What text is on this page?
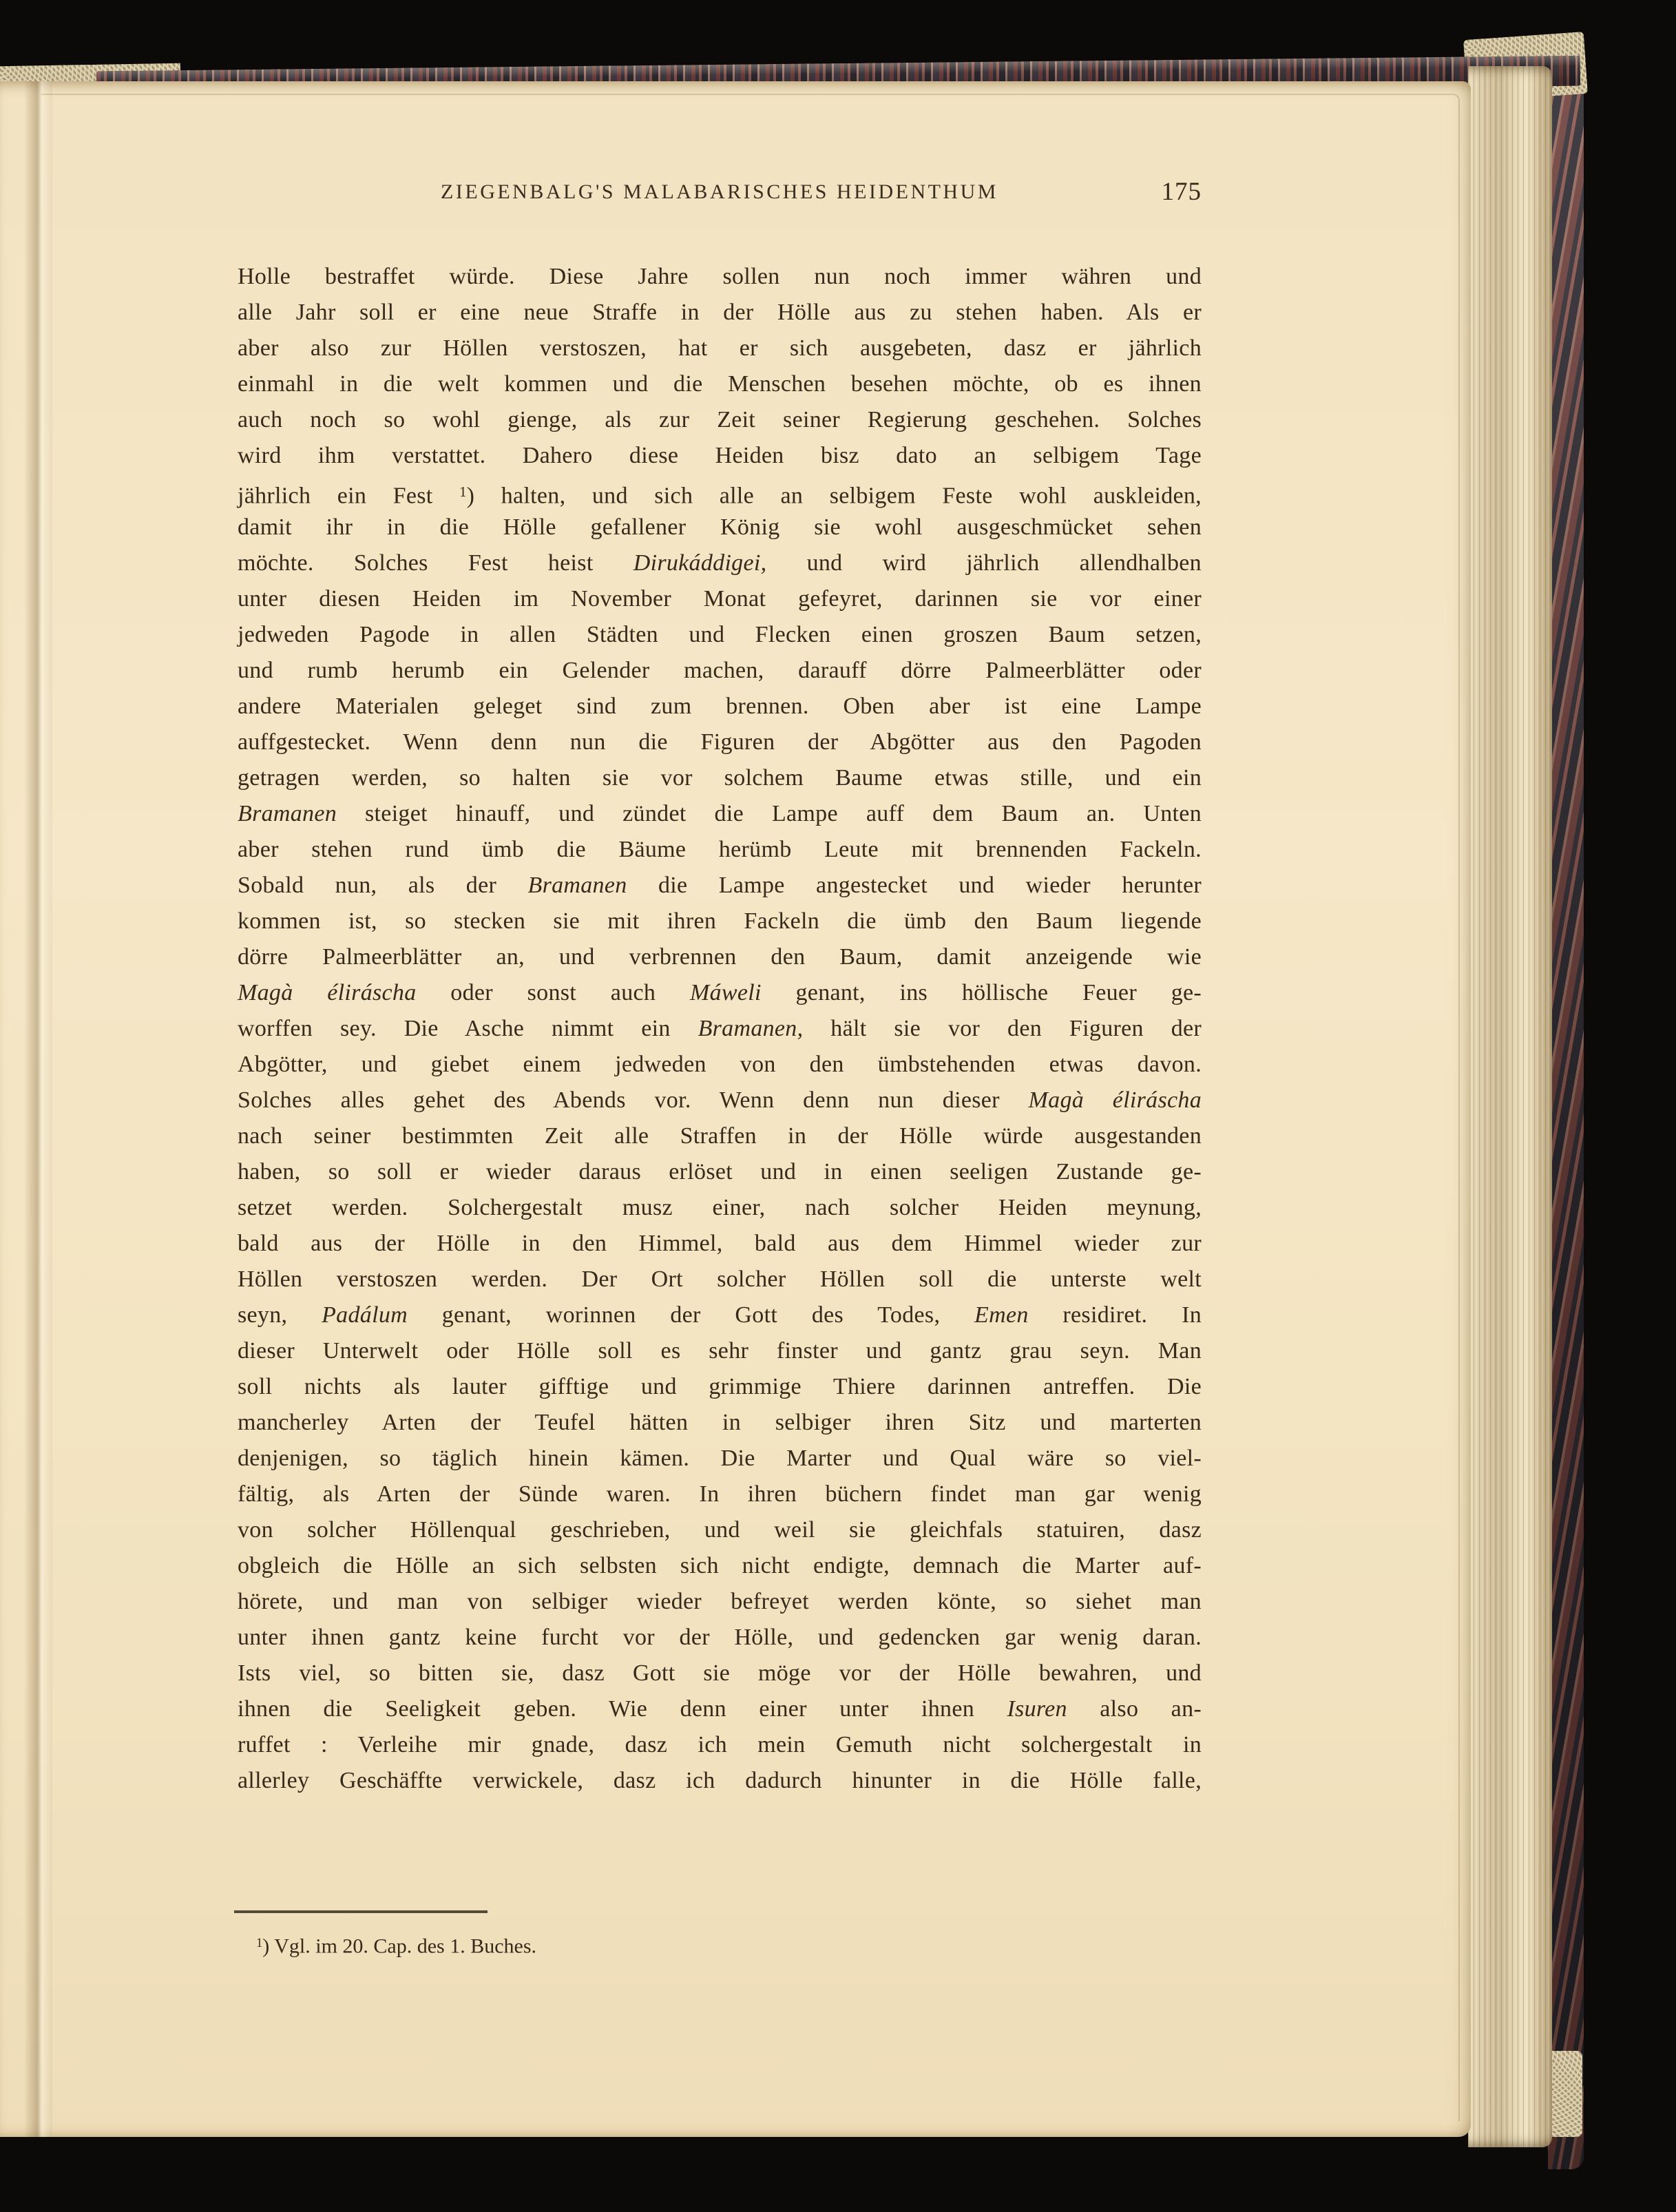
ZIEGENBALG'S MALABARISCHES HEIDENTHUM	175
Holle bestraffet würde. Diese Jahre sollen nun noch immer währen und
alle Jahr soll er eine neue Straffe in der Hölle aus zu stehen haben. Als er
aber also zur Höllen verstoszen, hat er sich ausgebeten, dasz er jährlich
einmahl in die welt kommen und die Menschen besehen möchte, ob es ihnen
auch noch so wohl gienge, als zur Zeit seiner Regierung geschehen. Solches
wird ihm verstattet. Dahero diese Heiden bisz dato an selbigem Tage
jährlich ein Fest $^1$) halten, und sich alle an selbigem Feste wohl auskleiden,
damit ihr in die Hölle gefallener König sie wohl ausgeschmücket sehen
möchte. Solches Fest heist Dirukáddigei, und wird jährlich allendhalben
unter diesen Heiden im November Monat gefeyret, darinnen sie vor einer
jedweden Pagode in allen Städten und Flecken einen groszen Baum setzen,
und rumb herumb ein Gelender machen, darauff dörre Palmeerblätter oder
andere Materialen geleget sind zum brennen. Oben aber ist eine Lampe
auffgestecket. Wenn denn nun die Figuren der Abgötter aus den Pagoden
getragen werden, so halten sie vor solchem Baume etwas stille, und ein
Bramanen steiget hinauff, und zündet die Lampe auff dem Baum an. Unten
aber stehen rund ümb die Bäume herümb Leute mit brennenden Fackeln.
Sobald nun, als der Bramanen die Lampe angestecket und wieder herunter
kommen ist, so stecken sie mit ihren Fackeln die ümb den Baum liegende
dörre Palmeerblätter an, und verbrennen den Baum, damit anzeigende wie
Magà éliráscha oder sonst auch Máweli genant, ins höllische Feuer ge-
worffen sey. Die Asche nimmt ein Bramanen, hält sie vor den Figuren der
Abgötter, und giebet einem jedweden von den ümbstehenden etwas davon.
Solches alles gehet des Abends vor. Wenn denn nun dieser Magà éliráscha
nach seiner bestimmten Zeit alle Straffen in der Hölle würde ausgestanden
haben, so soll er wieder daraus erlöset und in einen seeligen Zustande ge-
setzet werden. Solchergestalt musz einer, nach solcher Heiden meynung,
bald aus der Hölle in den Himmel, bald aus dem Himmel wieder zur
Höllen verstoszen werden. Der Ort solcher Höllen soll die unterste welt
seyn, Padálum genant, worinnen der Gott des Todes, Emen residiret. In
dieser Unterwelt oder Hölle soll es sehr finster und gantz grau seyn. Man
soll nichts als lauter gifftige und grimmige Thiere darinnen antreffen. Die
mancherley Arten der Teufel hätten in selbiger ihren Sitz und marterten
denjenigen, so täglich hinein kämen. Die Marter und Qual wäre so viel-
fältig, als Arten der Sünde waren. In ihren büchern findet man gar wenig
von solcher Höllenqual geschrieben, und weil sie gleichfals statuiren, dasz
obgleich die Hölle an sich selbsten sich nicht endigte, demnach die Marter auf-
hörete, und man von selbiger wieder befreyet werden könte, so siehet man
unter ihnen gantz keine furcht vor der Hölle, und gedencken gar wenig daran.
Ists viel, so bitten sie, dasz Gott sie möge vor der Hölle bewahren, und
ihnen die Seeligkeit geben. Wie denn einer unter ihnen Isuren also an-
ruffet : Verleihe mir gnade, dasz ich mein Gemuth nicht solchergestalt in
allerley Geschäffte verwickele, dasz ich dadurch hinunter in die Hölle falle,
$^1$) Vgl. im 20. Cap. des 1. Buches.
